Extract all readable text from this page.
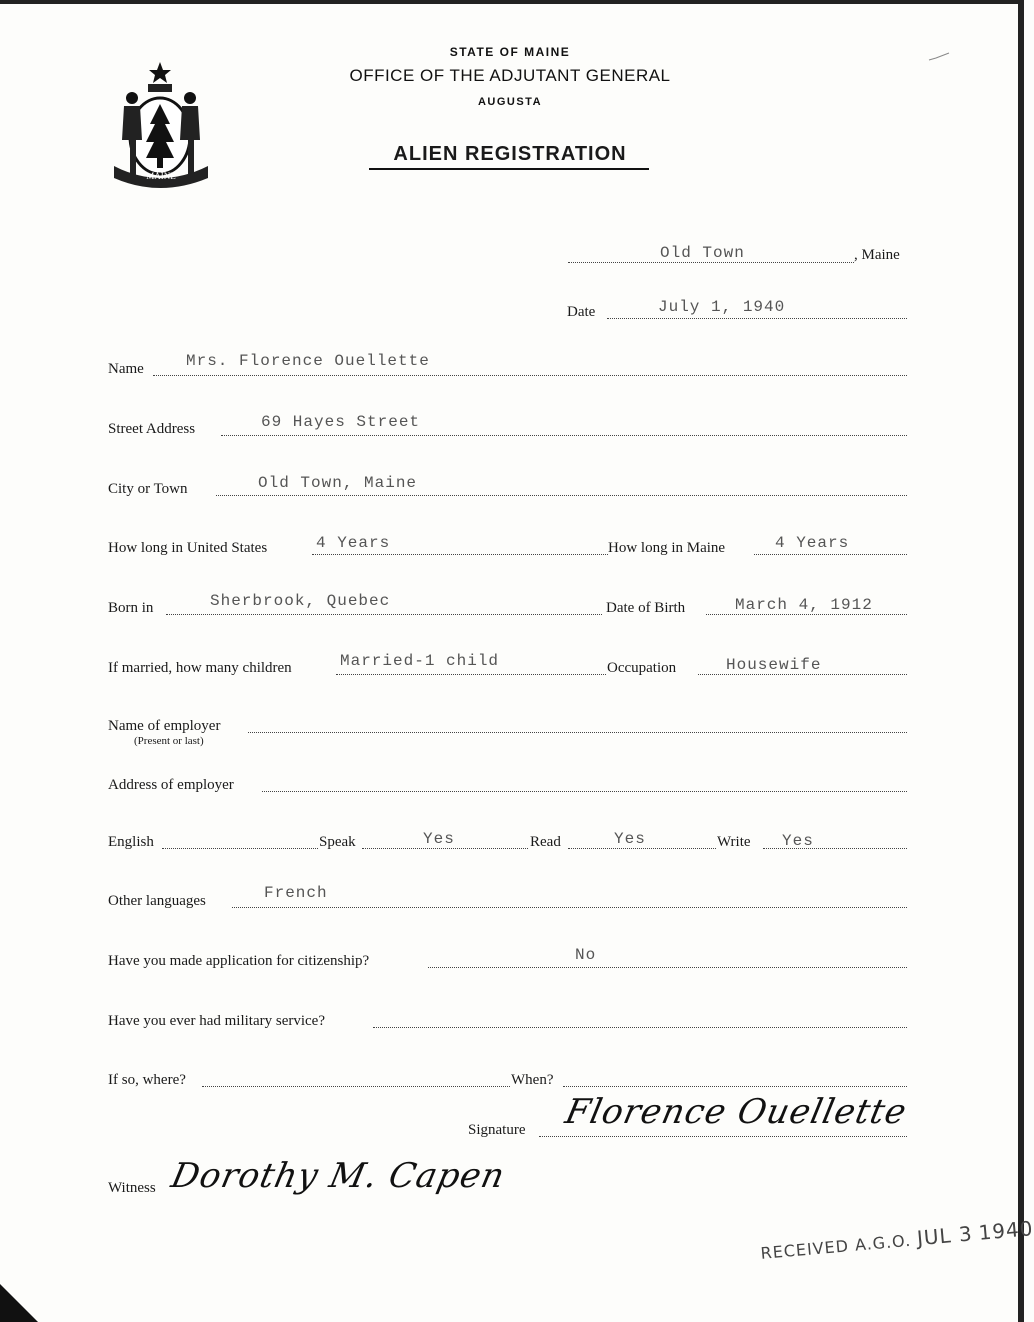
MAINE
STATE OF MAINE
OFFICE OF THE ADJUTANT GENERAL
AUGUSTA
ALIEN REGISTRATION
Old Town	, Maine
Date	July 1, 1940
Name	Mrs. Florence Ouellette
Street Address	69 Hayes Street
City or Town	Old Town, Maine
How long in United States	4 Years	How long in Maine	4 Years
Born in	Sherbrook, Quebec	Date of Birth	March 4, 1912
If married, how many children	Married-1 child	Occupation	Housewife
Name of employer
(Present or last)
Address of employer
English	Speak	Yes	Read	Yes	Write Yes
Other languages	French
Have you made application for citizenship?	No
Have you ever had military service?
If so, where?	When?
Signature Florence Ouellette
Witness Dorothy M. Capen
RECEIVED A.G.O. JUL 3 1940
